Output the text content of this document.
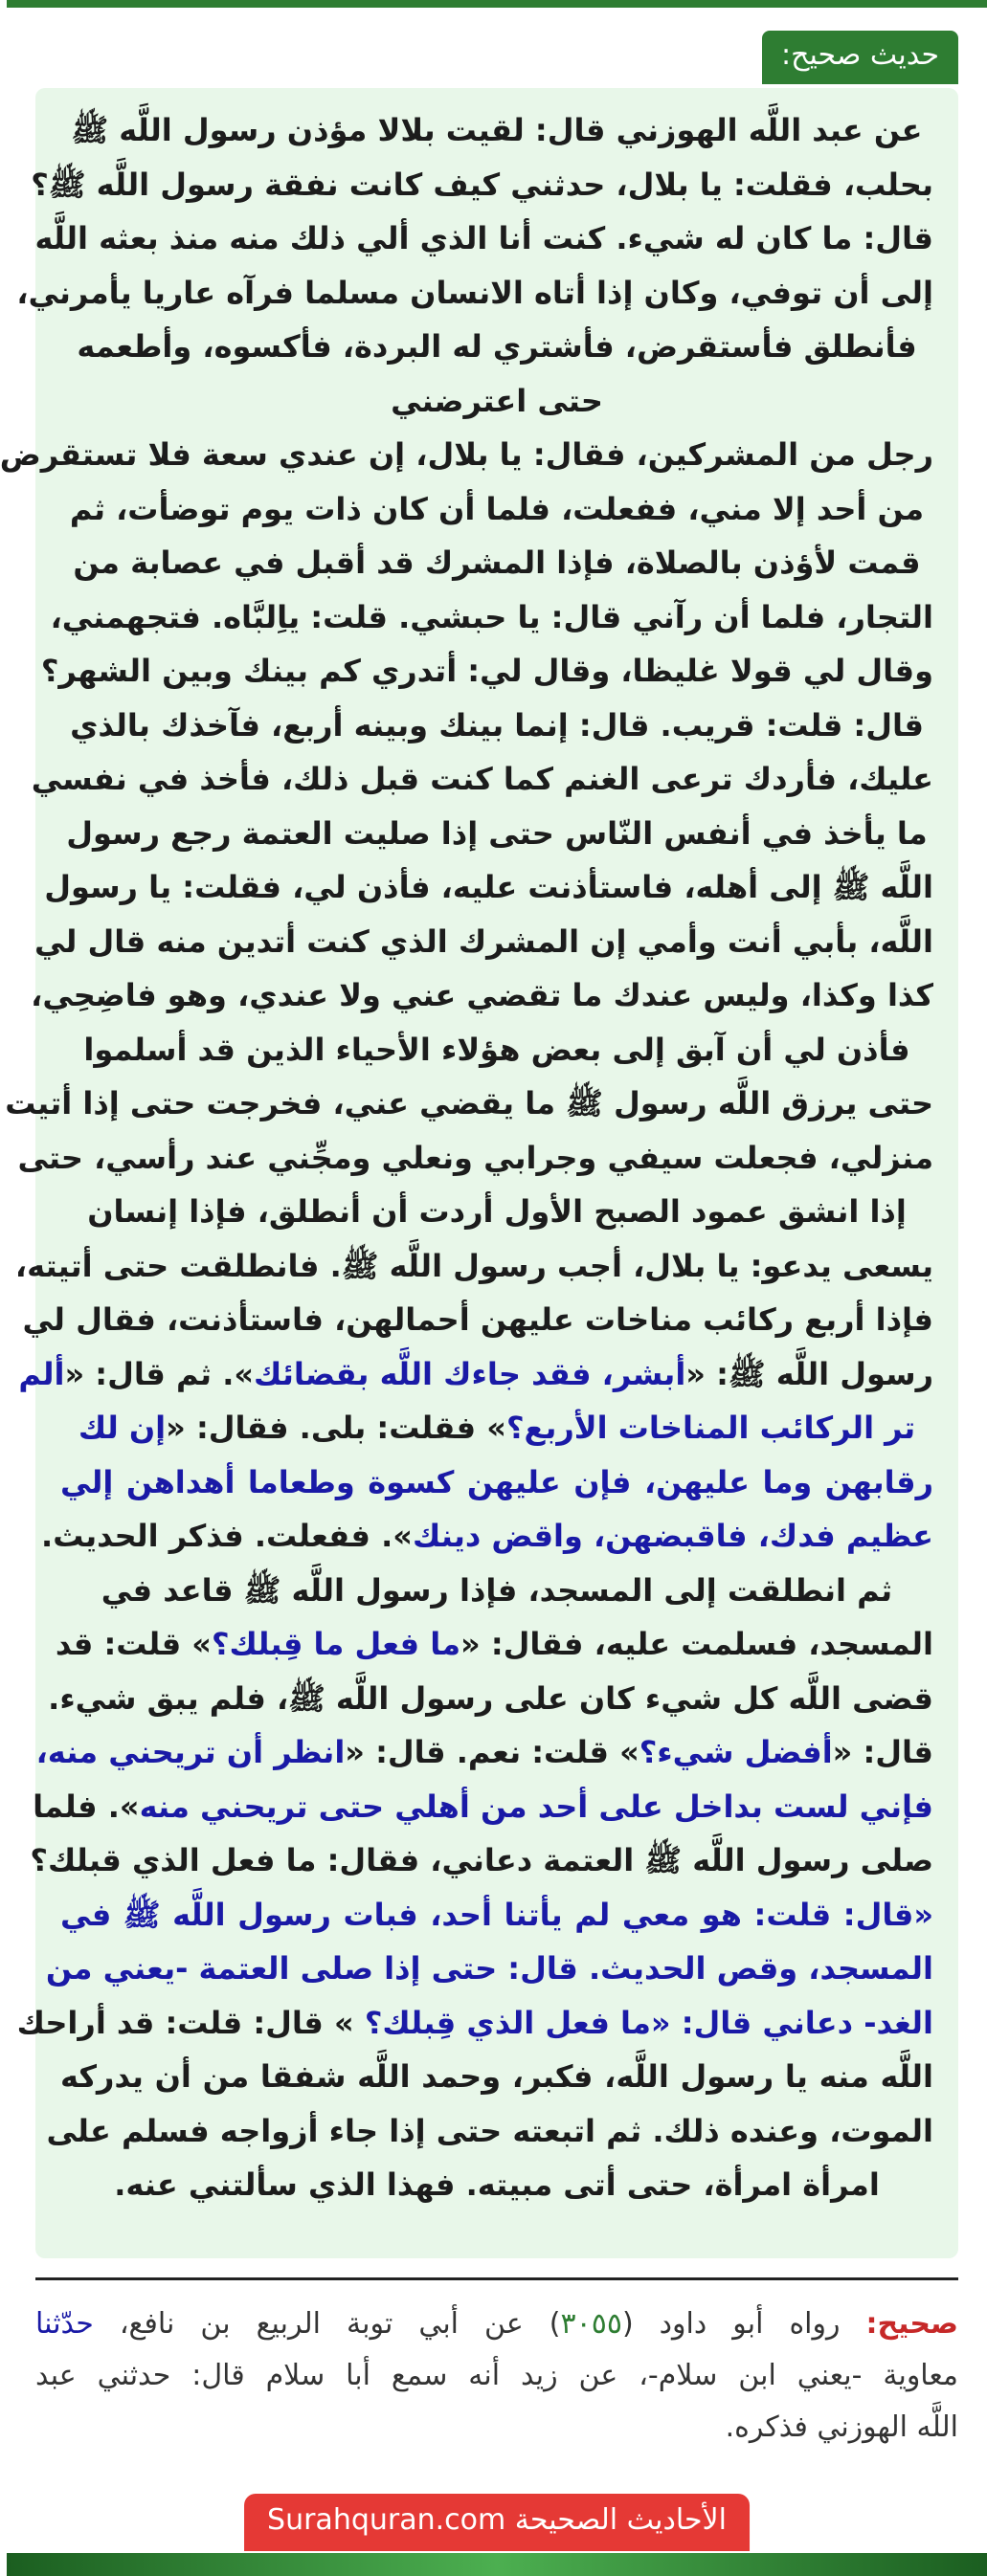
حديث صحيح:
عن عبد اللَّه الهوزني قال: لقيت بلالا مؤذن رسول اللَّه ﷺ
بحلب، فقلت: يا بلال، حدثني كيف كانت نفقة رسول اللَّه ﷺ؟
قال: ما كان له شيء. كنت أنا الذي ألي ذلك منه منذ بعثه اللَّه
إلى أن توفي، وكان إذا أتاه الانسان مسلما فرآه عاريا يأمرني،
فأنطلق فأستقرض، فأشتري له البردة، فأكسوه، وأطعمه
حتى اعترضني
رجل من المشركين، فقال: يا بلال، إن عندي سعة فلا تستقرض
من أحد إلا مني، ففعلت، فلما أن كان ذات يوم توضأت، ثم
قمت لأؤذن بالصلاة، فإذا المشرك قد أقبل في عصابة من
التجار، فلما أن رآني قال: يا حبشي. قلت: ياِلبَّاه. فتجهمني،
وقال لي قولا غليظا، وقال لي: أتدري كم بينك وبين الشهر؟
قال: قلت: قريب. قال: إنما بينك وبينه أربع، فآخذك بالذي
عليك، فأردك ترعى الغنم كما كنت قبل ذلك، فأخذ في نفسي
ما يأخذ في أنفس النّاس حتى إذا صليت العتمة رجع رسول
اللَّه ﷺ إلى أهله، فاستأذنت عليه، فأذن لي، فقلت: يا رسول
اللَّه، بأبي أنت وأمي إن المشرك الذي كنت أتدين منه قال لي
كذا وكذا، وليس عندك ما تقضي عني ولا عندي، وهو فاضِحِي،
فأذن لي أن آبق إلى بعض هؤلاء الأحياء الذين قد أسلموا
حتى يرزق اللَّه رسول ﷺ ما يقضي عني، فخرجت حتى إذا أتيت
منزلي، فجعلت سيفي وجرابي ونعلي ومجِّني عند رأسي، حتى
إذا انشق عمود الصبح الأول أردت أن أنطلق، فإذا إنسان
يسعى يدعو: يا بلال، أجب رسول اللَّه ﷺ. فانطلقت حتى أتيته،
فإذا أربع ركائب مناخات عليهن أحمالهن، فاستأذنت، فقال لي
رسول اللَّه ﷺ: «أبشر، فقد جاءك اللَّه بقضائك». ثم قال: «ألم
تر الركائب المناخات الأربع؟» فقلت: بلى. فقال: «إن لك
رقابهن وما عليهن، فإن عليهن كسوة وطعاما أهداهن إلي
عظيم فدك، فاقبضهن، واقض دينك». ففعلت. فذكر الحديث.
ثم انطلقت إلى المسجد، فإذا رسول اللَّه ﷺ قاعد في
المسجد، فسلمت عليه، فقال: «ما فعل ما قِبلك؟» قلت: قد
قضى اللَّه كل شيء كان على رسول اللَّه ﷺ، فلم يبق شيء.
قال: «أفضل شيء؟» قلت: نعم. قال: «انظر أن تريحني منه،
فإني لست بداخل على أحد من أهلي حتى تريحني منه». فلما
صلى رسول اللَّه ﷺ العتمة دعاني، فقال: ما فعل الذي قبلك؟
«قال: قلت: هو معي لم يأتنا أحد، فبات رسول اللَّه ﷺ في
المسجد، وقص الحديث. قال: حتى إذا صلى العتمة -يعني من
الغد- دعاني قال: «ما فعل الذي قِبلك؟ » قال: قلت: قد أراحك
اللَّه منه يا رسول اللَّه، فكبر، وحمد اللَّه شفقا من أن يدركه
الموت، وعنده ذلك. ثم اتبعته حتى إذا جاء أزواجه فسلم على
امرأة امرأة، حتى أتى مبيته. فهذا الذي سألتني عنه.
صحيح: رواه أبو داود (٣٠٥٥) عن أبي توبة الربيع بن نافع، حدّثنا
معاوية -يعني ابن سلام-، عن زيد أنه سمع أبا سلام قال: حدثني عبد
اللَّه الهوزني فذكره.
الأحاديث الصحيحة Surahquran.com
